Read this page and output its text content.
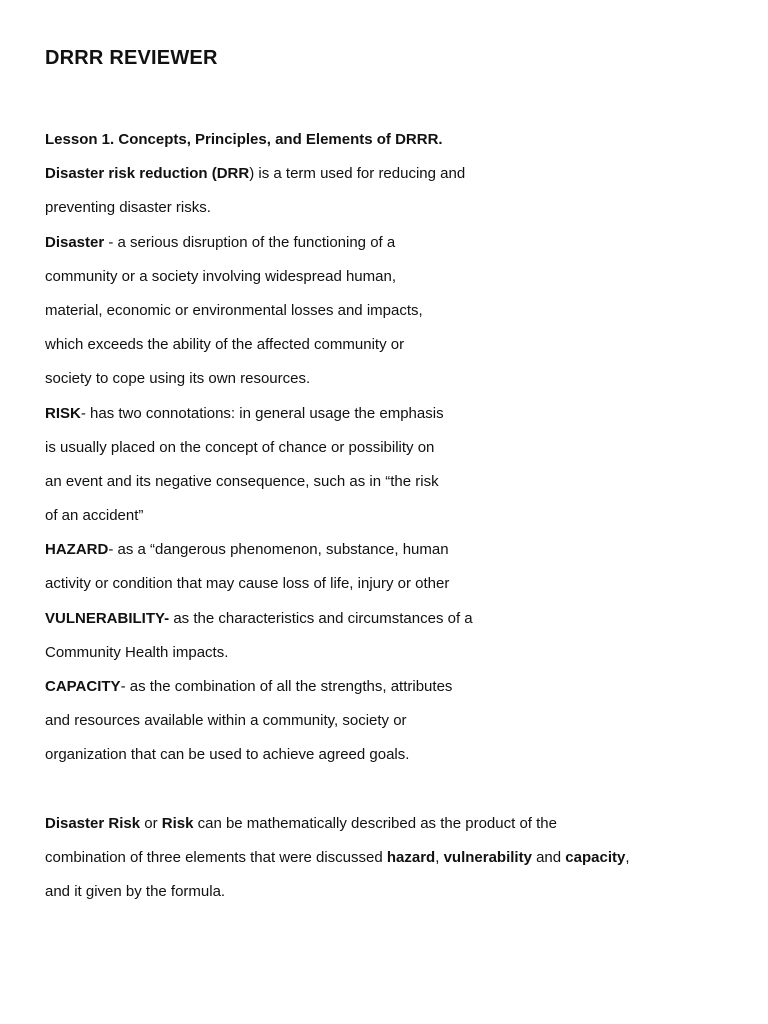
DRRR REVIEWER
Lesson 1. Concepts, Principles, and Elements of DRRR.
Disaster risk reduction (DRR) is a term used for reducing and
preventing disaster risks.
Disaster - a serious disruption of the functioning of a
community or a society involving widespread human,
material, economic or environmental losses and impacts,
which exceeds the ability of the affected community or
society to cope using its own resources.
RISK- has two connotations: in general usage the emphasis
is usually placed on the concept of chance or possibility on
an event and its negative consequence, such as in “the risk
of an accident”
HAZARD- as a “dangerous phenomenon, substance, human
activity or condition that may cause loss of life, injury or other
VULNERABILITY- as the characteristics and circumstances of a
Community Health impacts.
CAPACITY- as the combination of all the strengths, attributes
and resources available within a community, society or
organization that can be used to achieve agreed goals.
Disaster Risk or Risk can be mathematically described as the product of the
combination of three elements that were discussed hazard, vulnerability and capacity,
and it given by the formula.
